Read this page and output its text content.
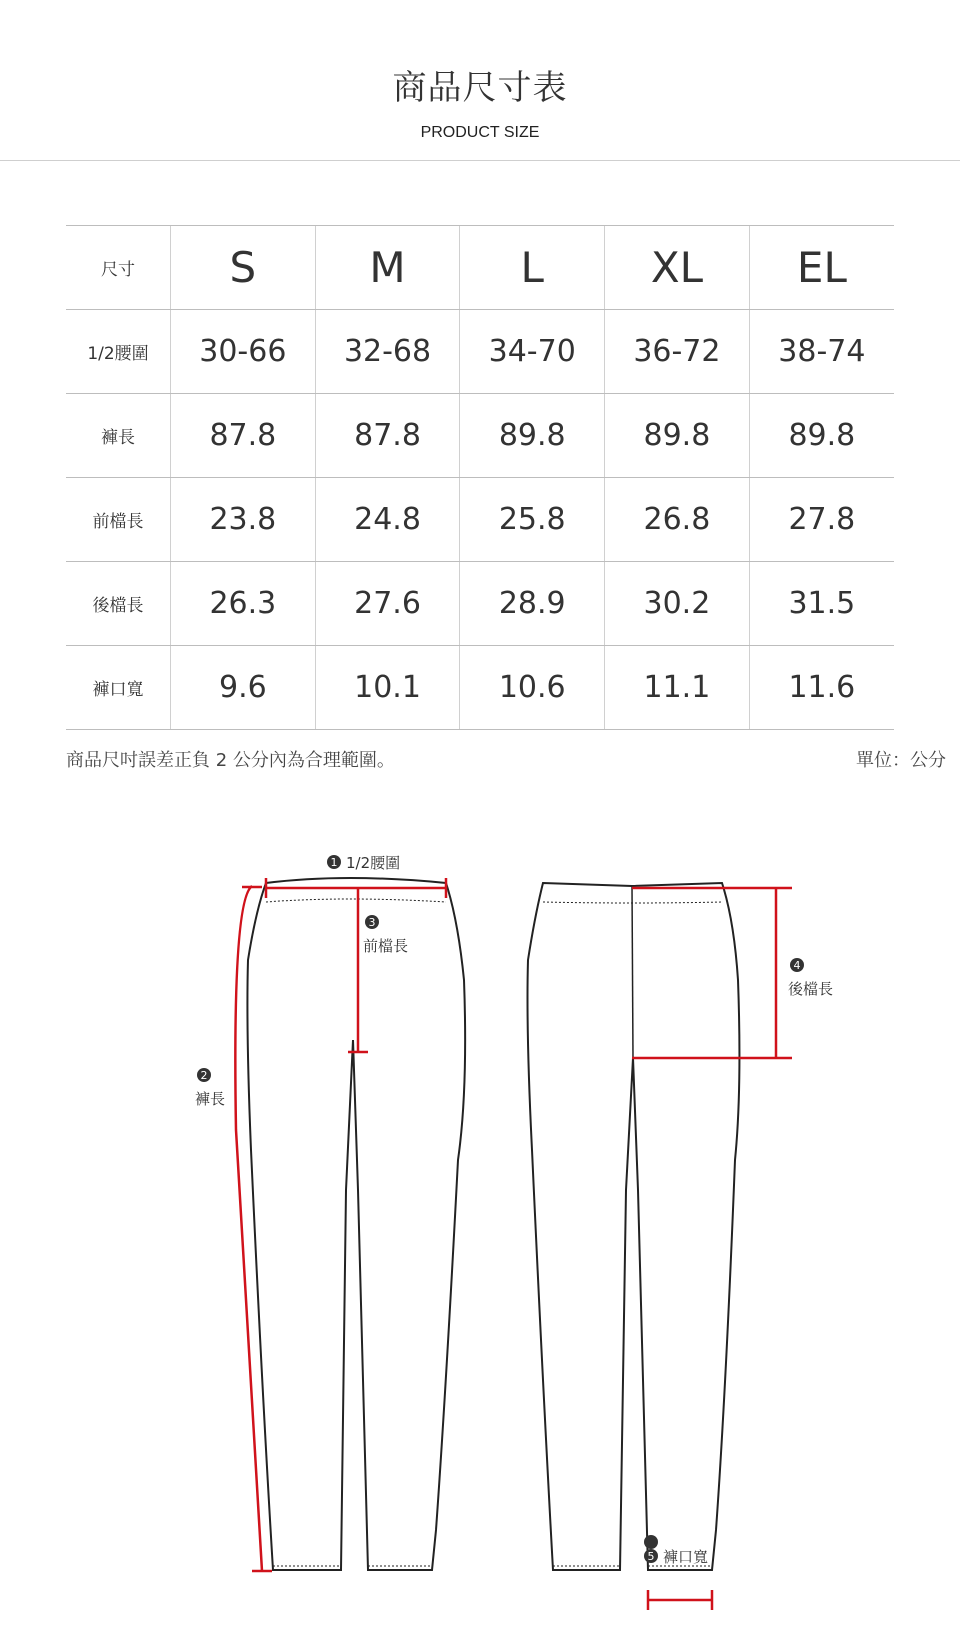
商品尺寸表
PRODUCT SIZE
尺寸	S	M	L	XL	EL
1/2腰圍	30-66	32-68	34-70	36-72	38-74
褲長	87.8	87.8	89.8	89.8	89.8
前檔長	23.8	24.8	25.8	26.8	27.8
後檔長	26.3	27.6	28.9	30.2	31.5
褲口寬	9.6	10.1	10.6	11.1	11.6
商品尺吋誤差正負 2 公分內為合理範圍。	單位：公分
1 1/2腰圍
3
前檔長
2
褲長
4
後檔長
5 褲口寬
